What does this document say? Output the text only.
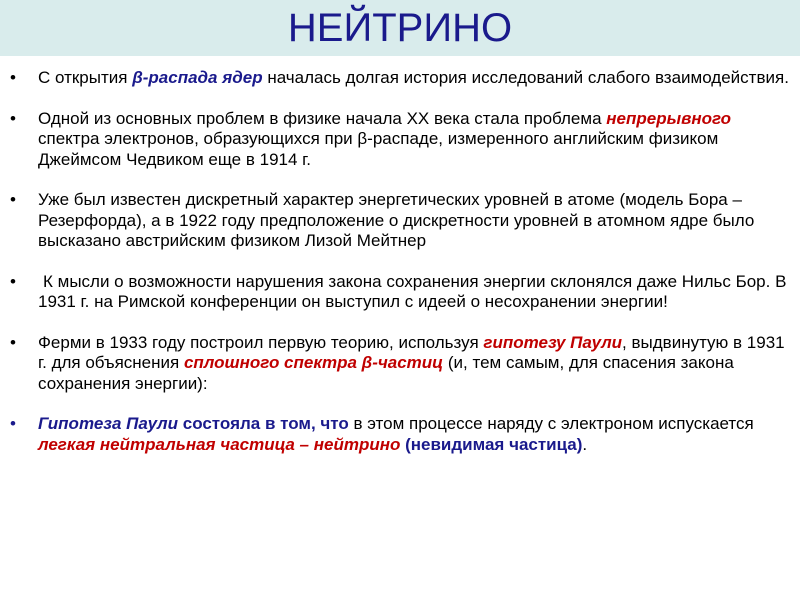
НЕЙТРИНО
• С открытия β-распада ядер началась долгая история исследований слабого взаимодействия.
• Одной из основных проблем в физике начала ХХ века стала проблема непрерывного спектра электронов, образующихся при β-распаде, измеренного английским физиком Джеймсом Чедвиком еще в 1914 г.
• Уже был известен дискретный характер энергетических уровней в атоме (модель Бора – Резерфорда), а в 1922 году предположение о дискретности уровней в атомном ядре было высказано австрийским физиком Лизой Мейтнер
• К мысли о возможности нарушения закона сохранения энергии склонялся даже Нильс Бор. В 1931 г. на Римской конференции он выступил с идеей о несохранении энергии!
• Ферми в 1933 году построил первую теорию, используя гипотезу Паули, выдвинутую в 1931 г. для объяснения сплошного спектра β-частиц (и, тем самым, для спасения закона сохранения энергии):
• Гипотеза Паули состояла в том, что в этом процессе наряду с электроном испускается легкая нейтральная частица – нейтрино (невидимая частица).
